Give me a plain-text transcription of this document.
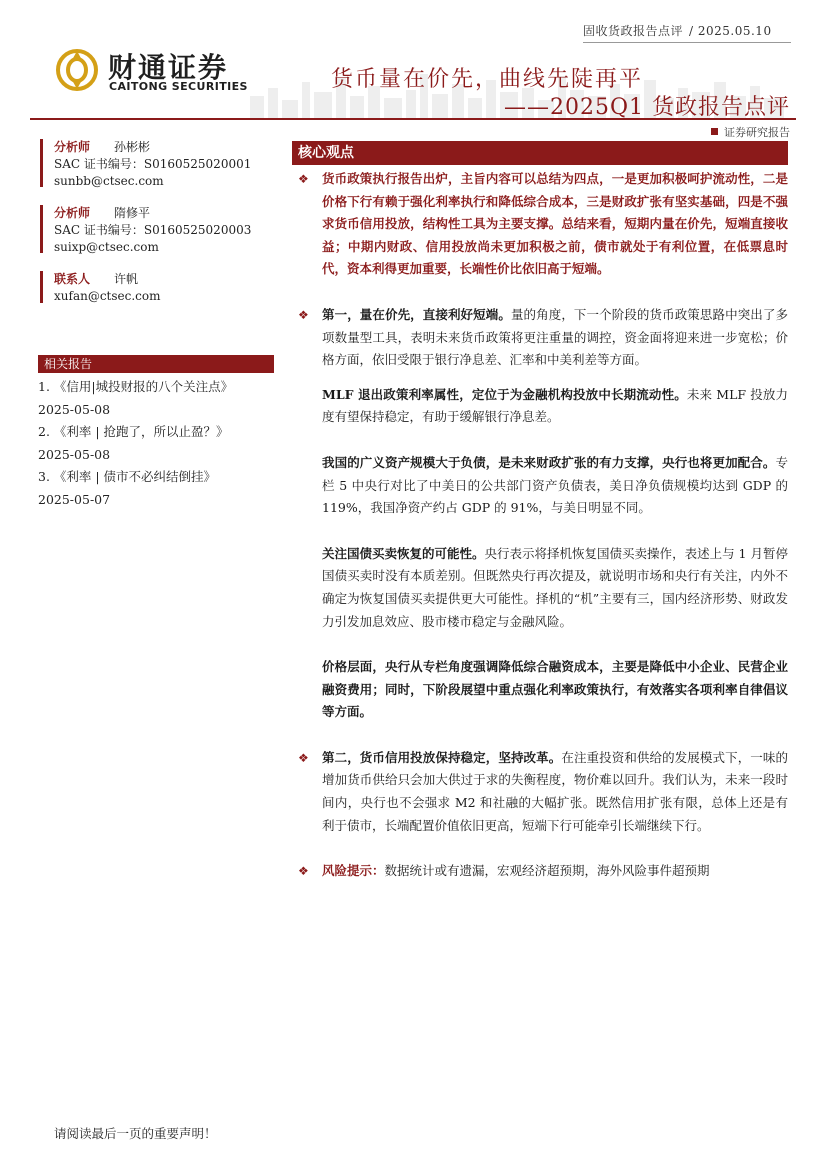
固收货政报告点评 / 2025.05.10
财通证券
CAITONG SECURITIES	货币量在价先，曲线先陡再平
——2025Q1 货政报告点评
证券研究报告
分析师 孙彬彬
SAC 证书编号：S0160525020001
sunbb@ctsec.com
分析师 隋修平
SAC 证书编号：S0160525020003
suixp@ctsec.com
联系人 许帆
xufan@ctsec.com
相关报告
1. 《信用|城投财报的八个关注点》
2025-05-08
2. 《利率 | 抢跑了，所以止盈？》
2025-05-08
3. 《利率 | 债市不必纠结倒挂》
2025-05-07
核心观点
❖ 货币政策执行报告出炉，主旨内容可以总结为四点，一是更加积极呵护流动性，二是价格下行有赖于强化利率执行和降低综合成本，三是财政扩张有坚实基础，四是不强求货币信用投放，结构性工具为主要支撑。总结来看，短期内量在价先，短端直接收益；中期内财政、信用投放尚未更加积极之前，债市就处于有利位置，在低票息时代，资本利得更加重要，长端性价比依旧高于短端。
❖ 第一，量在价先，直接利好短端。量的角度，下一个阶段的货币政策思路中突出了多项数量型工具，表明未来货币政策将更注重量的调控，资金面将迎来进一步宽松；价格方面，依旧受限于银行净息差、汇率和中美利差等方面。
MLF 退出政策利率属性，定位于为金融机构投放中长期流动性。未来 MLF 投放力度有望保持稳定，有助于缓解银行净息差。
我国的广义资产规模大于负债，是未来财政扩张的有力支撑，央行也将更加配合。专栏 5 中央行对比了中美日的公共部门资产负债表，美日净负债规模均达到 GDP 的 119%，我国净资产约占 GDP 的 91%，与美日明显不同。
关注国债买卖恢复的可能性。央行表示将择机恢复国债买卖操作，表述上与 1 月暂停国债买卖时没有本质差别。但既然央行再次提及，就说明市场和央行有关注，内外不确定为恢复国债买卖提供更大可能性。择机的“机”主要有三，国内经济形势、财政发力引发加息效应、股市楼市稳定与金融风险。
价格层面，央行从专栏角度强调降低综合融资成本，主要是降低中小企业、民营企业融资费用；同时，下阶段展望中重点强化利率政策执行，有效落实各项利率自律倡议等方面。
❖ 第二，货币信用投放保持稳定，坚持改革。在注重投资和供给的发展模式下，一味的增加货币供给只会加大供过于求的失衡程度，物价难以回升。我们认为，未来一段时间内，央行也不会强求 M2 和社融的大幅扩张。既然信用扩张有限，总体上还是有利于债市，长端配置价值依旧更高，短端下行可能牵引长端继续下行。
❖ 风险提示：数据统计或有遗漏，宏观经济超预期，海外风险事件超预期
请阅读最后一页的重要声明！
